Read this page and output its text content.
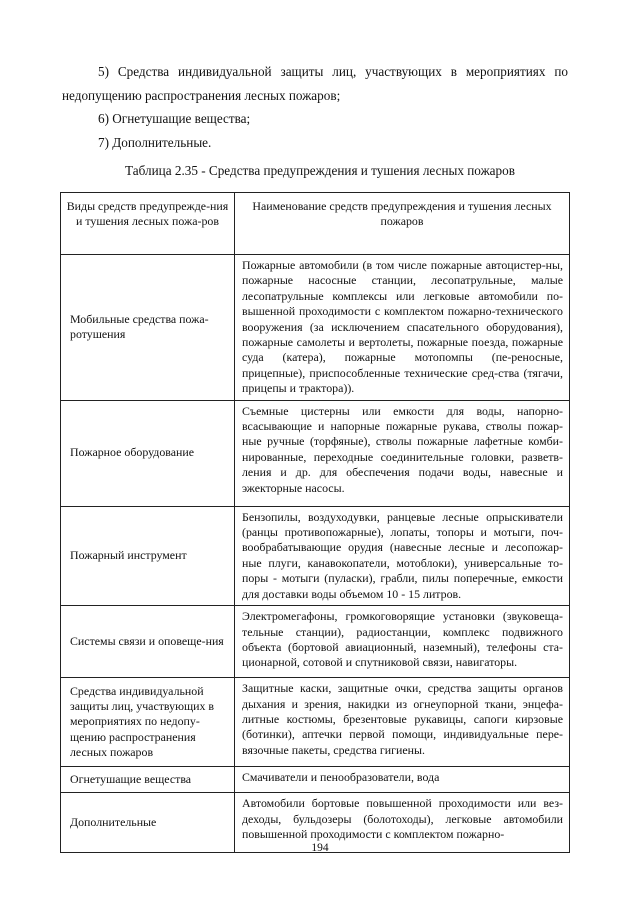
5) Средства индивидуальной защиты лиц, участвующих в мероприятиях по

недопущению распространения лесных пожаров;

6) Огнетушащие вещества;

7) Дополнительные.

Таблица 2.35 - Средства предупреждения и тушения лесных пожаров
Виды средств предупрежде-ния и тушения лесных пожа-ров	Наименование средств предупреждения и тушения лесных пожаров
Мобильные средства пожа-ротушения	Пожарные автомобили (в том числе пожарные автоцистер-ны, пожарные насосные станции, лесопатрульные, малые лесопатрульные комплексы или легковые автомобили по-вышенной проходимости с комплектом пожарно-технического вооружения (за исключением спасательного оборудования), пожарные самолеты и вертолеты, пожарные поезда, пожарные суда (катера), пожарные мотопомпы (пе-реносные, прицепные), приспособленные технические сред-ства (тягачи, прицепы и трактора)).
Пожарное оборудование	Съемные цистерны или емкости для воды, напорно-всасывающие и напорные пожарные рукава, стволы пожар-ные ручные (торфяные), стволы пожарные лафетные комби-нированные, переходные соединительные головки, разветв-ления и др. для обеспечения подачи воды, навесные и эжекторные насосы.
Пожарный инструмент	Бензопилы, воздуходувки, ранцевые лесные опрыскиватели (ранцы противопожарные), лопаты, топоры и мотыги, поч-вообрабатывающие орудия (навесные лесные и лесопожар-ные плуги, канавокопатели, мотоблоки), универсальные то-поры - мотыги (пуласки), грабли, пилы поперечные, емкости для доставки воды объемом 10 - 15 литров.
Системы связи и оповеще-ния	Электромегафоны, громкоговорящие установки (звуковеща-тельные станции), радиостанции, комплекс подвижного объекта (бортовой авиационный, наземный), телефоны ста-ционарной, сотовой и спутниковой связи, навигаторы.
Средства индивидуальной защиты лиц, участвующих в мероприятиях по недопу-щению распространения лесных пожаров	Защитные каски, защитные очки, средства защиты органов дыхания и зрения, накидки из огнеупорной ткани, энцефа-литные костюмы, брезентовые рукавицы, сапоги кирзовые (ботинки), аптечки первой помощи, индивидуальные пере-вязочные пакеты, средства гигиены.
Огнетушащие вещества	Смачиватели и пенообразователи, вода
Дополнительные	Автомобили бортовые повышенной проходимости или вез-деходы, бульдозеры (болотоходы), легковые автомобили повышенной проходимости с комплектом пожарно-
194
